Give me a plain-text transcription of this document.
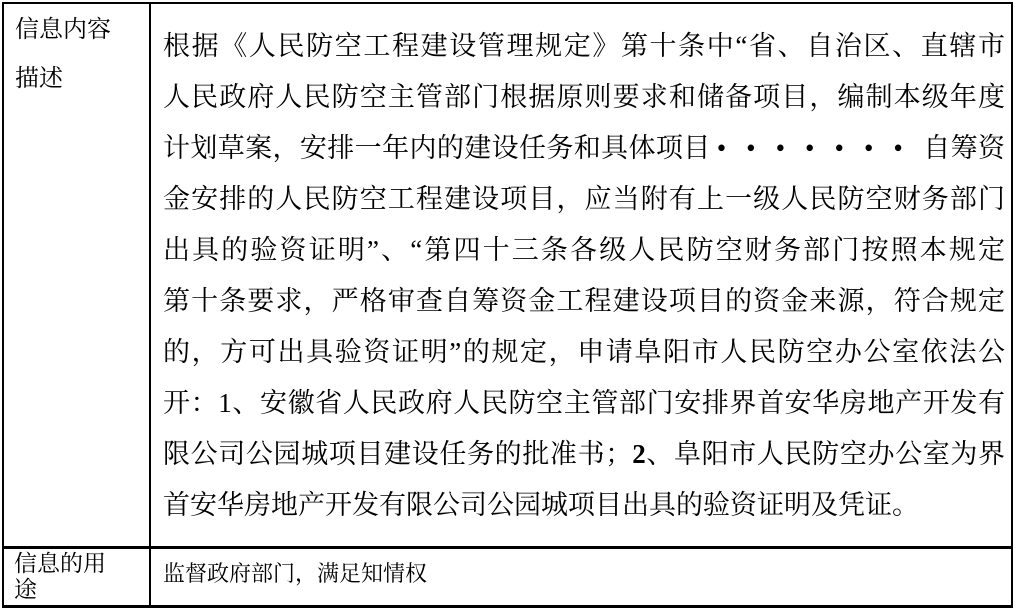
信息内容
描述
根据《人民防空工程建设管理规定》第十条中“省、自治区、直辖市
人民政府人民防空主管部门根据原则要求和储备项目，编制本级年度
计划草案，安排一年内的建设任务和具体项目 •••••••自筹资
金安排的人民防空工程建设项目，应当附有上一级人民防空财务部门
出具的验资证明”、“第四十三条各级人民防空财务部门按照本规定
第十条要求，严格审查自筹资金工程建设项目的资金来源，符合规定
的，方可出具验资证明”的规定，申请阜阳市人民防空办公室依法公
开：1、安徽省人民政府人民防空主管部门安排界首安华房地产开发有
限公司公园城项目建设任务的批准书；2、阜阳市人民防空办公室为界
首安华房地产开发有限公司公园城项目出具的验资证明及凭证。
信息的用
途
监督政府部门，满足知情权
